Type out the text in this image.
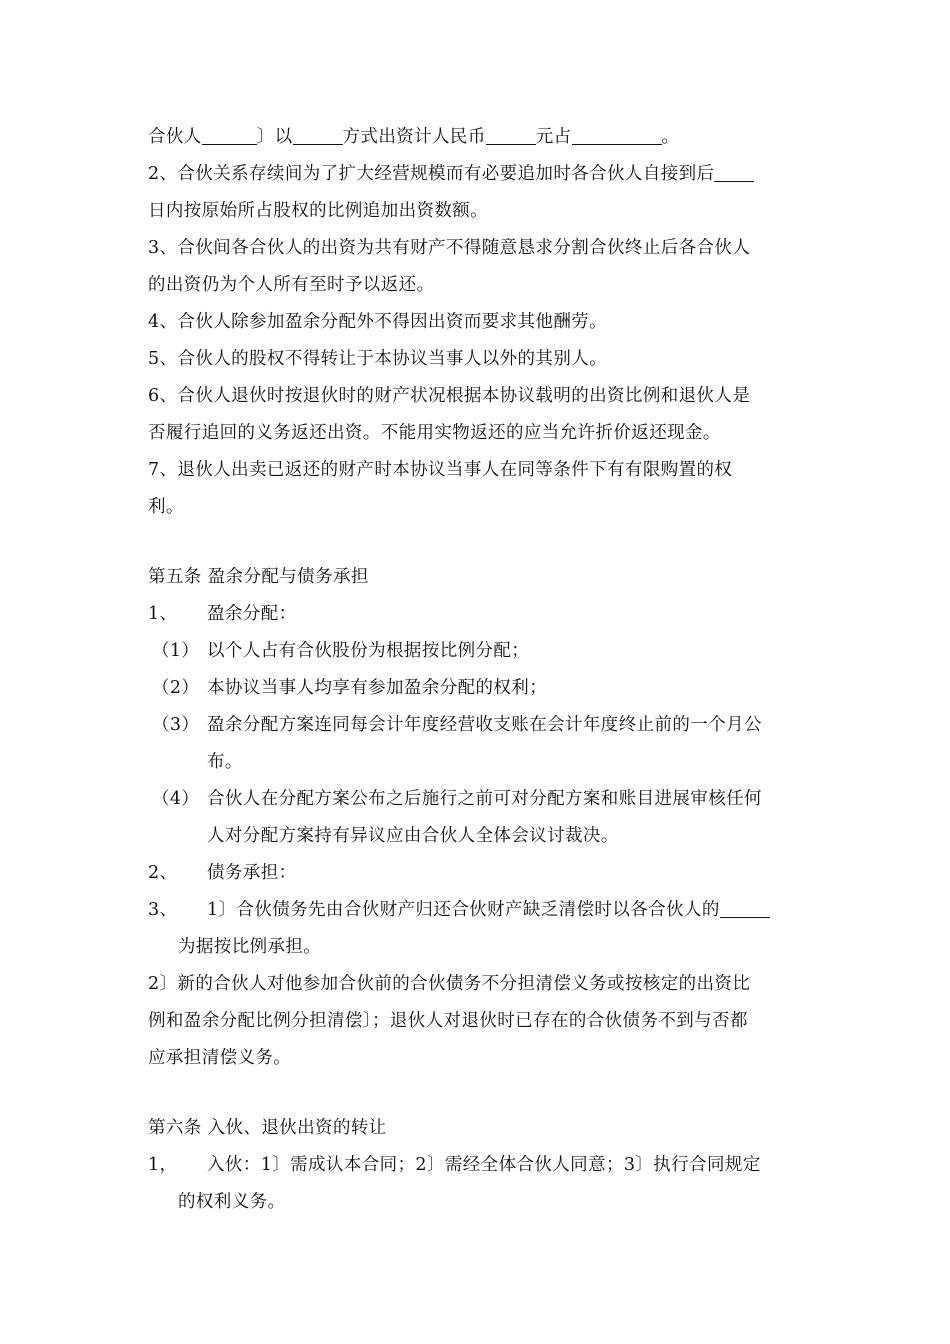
合伙人	〕以	方式出资计人民币	元占	。
2、合伙关系存续间为了扩大经营规模而有必要追加时各合伙人自接到后
日内按原始所占股权的比例追加出资数额。
3、合伙间各合伙人的出资为共有财产不得随意恳求分割合伙终止后各合伙人
的出资仍为个人所有至时予以返还。
4、合伙人除参加盈余分配外不得因出资而要求其他酬劳。
5、合伙人的股权不得转让于本协议当事人以外的其别人。
6、合伙人退伙时按退伙时的财产状况根据本协议载明的出资比例和退伙人是
否履行追回的义务返还出资。不能用实物返还的应当允许折价返还现金。
7、退伙人出卖已返还的财产时本协议当事人在同等条件下有有限购置的权
利。
第五条 盈余分配与债务承担
1、 盈余分配：
（1） 以个人占有合伙股份为根据按比例分配；
（2） 本协议当事人均享有参加盈余分配的权利；
（3） 盈余分配方案连同每会计年度经营收支账在会计年度终止前的一个月公
布。
（4） 合伙人在分配方案公布之后施行之前可对分配方案和账目进展审核任何
人对分配方案持有异议应由合伙人全体会议讨裁决。
2、 债务承担：
3、 1〕合伙债务先由合伙财产归还合伙财产缺乏清偿时以各合伙人的
为据按比例承担。
2〕新的合伙人对他参加合伙前的合伙债务不分担清偿义务或按核定的出资比
例和盈余分配比例分担清偿〕；退伙人对退伙时已存在的合伙债务不到与否都
应承担清偿义务。
第六条 入伙、退伙出资的转让
1， 入伙：1〕需成认本合同；2〕需经全体合伙人同意；3〕执行合同规定
的权利义务。
